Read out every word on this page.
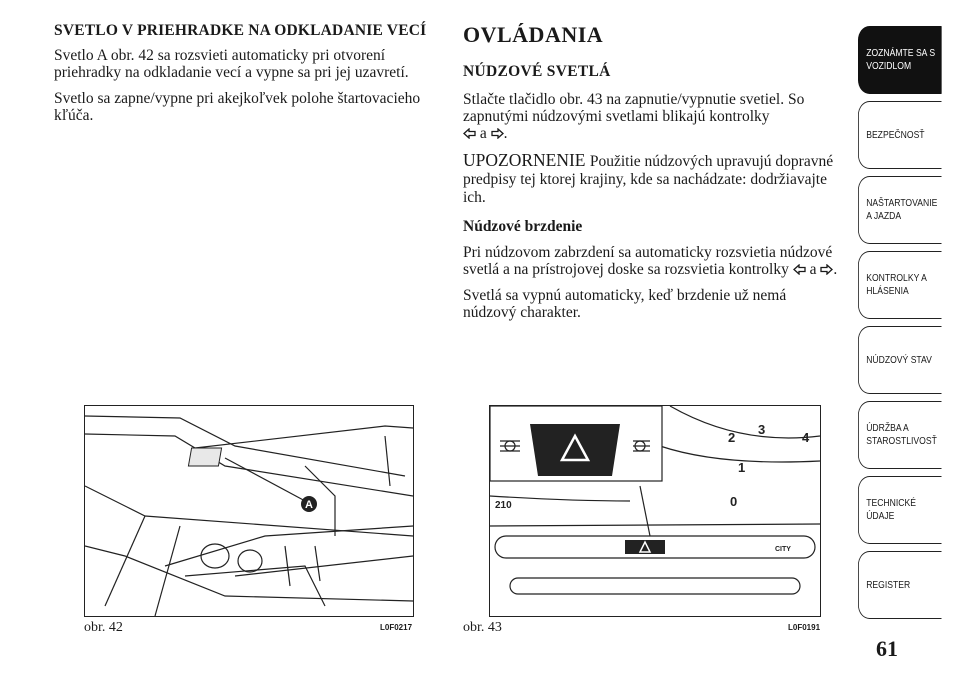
SVETLO V PRIEHRADKE NA ODKLADANIE VECÍ

Svetlo A obr. 42 sa rozsvieti automaticky pri otvorení priehradky na odkladanie vecí a vypne sa pri jej uzavretí.

Svetlo sa zapne/vypne pri akejkoľvek polohe štartovacieho kľúča.

OVLÁDANIA
NÚDZOVÉ SVETLÁ

Stlačte tlačidlo obr. 43 na zapnutie/vypnutie svetiel. So zapnutými núdzovými svetlami blikajú kontrolky
a .

UPOZORNENIE Použitie núdzových upravujú dopravné predpisy tej ktorej krajiny, kde sa nachádzate: dodržiavajte ich.

Núdzové brzdenie

Pri núdzovom zabrzdení sa automaticky rozsvietia núdzové svetlá a na prístrojovej doske sa rozsvietia kontrolky a .

Svetlá sa vypnú automaticky, keď brzdenie už nemá núdzový charakter.

A
obr. 42	L0F0217
2
3
4
1
0
210
CITY
obr. 43	L0F0191
ZOZNÁMTE SA S
VOZIDLOM
BEZPEČNOSŤ
NAŠTARTOVANIE
A JAZDA
KONTROLKY A
HLÁSENIA
NÚDZOVÝ STAV
ÚDRŽBA A
STAROSTLIVOSŤ
TECHNICKÉ
ÚDAJE
REGISTER
61
